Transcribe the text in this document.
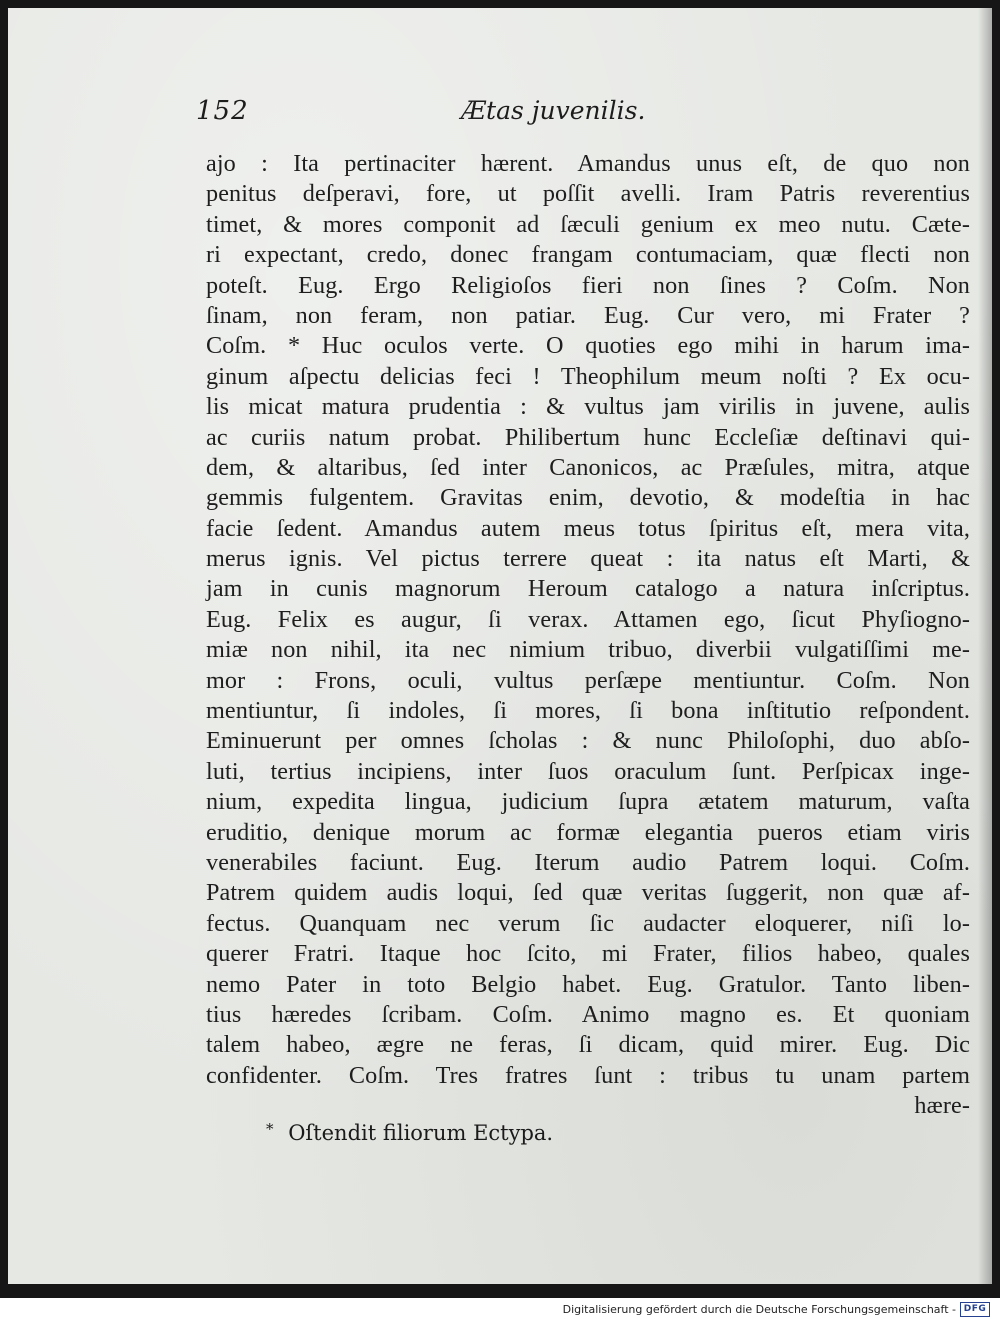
152	Ætas juvenilis.
ajo : Ita pertinaciter hærent. Amandus unus eſt, de quo non
penitus deſperavi, fore, ut poſſit avelli. Iram Patris reverentius
timet, & mores componit ad ſæculi genium ex meo nutu. Cæte-
ri expectant, credo, donec frangam contumaciam, quæ flecti non
poteſt. Eug. Ergo Religioſos fieri non ſines ? Coſm. Non
ſinam, non feram, non patiar. Eug. Cur vero, mi Frater ?
Coſm. * Huc oculos verte. O quoties ego mihi in harum ima-
ginum aſpectu delicias feci ! Theophilum meum noſti ? Ex ocu-
lis micat matura prudentia : & vultus jam virilis in juvene, aulis
ac curiis natum probat. Philibertum hunc Eccleſiæ deſtinavi qui-
dem, & altaribus, ſed inter Canonicos, ac Præſules, mitra, atque
gemmis fulgentem. Gravitas enim, devotio, & modeſtia in hac
facie ſedent. Amandus autem meus totus ſpiritus eſt, mera vita,
merus ignis. Vel pictus terrere queat : ita natus eſt Marti, &
jam in cunis magnorum Heroum catalogo a natura inſcriptus.
Eug. Felix es augur, ſi verax. Attamen ego, ſicut Phyſiogno-
miæ non nihil, ita nec nimium tribuo, diverbii vulgatiſſimi me-
mor : Frons, oculi, vultus perſæpe mentiuntur. Coſm. Non
mentiuntur, ſi indoles, ſi mores, ſi bona inſtitutio reſpondent.
Eminuerunt per omnes ſcholas : & nunc Philoſophi, duo abſo-
luti, tertius incipiens, inter ſuos oraculum ſunt. Perſpicax inge-
nium, expedita lingua, judicium ſupra ætatem maturum, vaſta
eruditio, denique morum ac formæ elegantia pueros etiam viris
venerabiles faciunt. Eug. Iterum audio Patrem loqui. Coſm.
Patrem quidem audis loqui, ſed quæ veritas ſuggerit, non quæ af-
fectus. Quanquam nec verum ſic audacter eloquerer, niſi lo-
querer Fratri. Itaque hoc ſcito, mi Frater, filios habeo, quales
nemo Pater in toto Belgio habet. Eug. Gratulor. Tanto liben-
tius hæredes ſcribam. Coſm. Animo magno es. Et quoniam
talem habeo, ægre ne feras, ſi dicam, quid mirer. Eug. Dic
confidenter. Coſm. Tres fratres ſunt : tribus tu unam partem
hære-
* Oſtendit filiorum Ectypa.
Digitalisierung gefördert durch die Deutsche Forschungsgemeinschaft - DFG
